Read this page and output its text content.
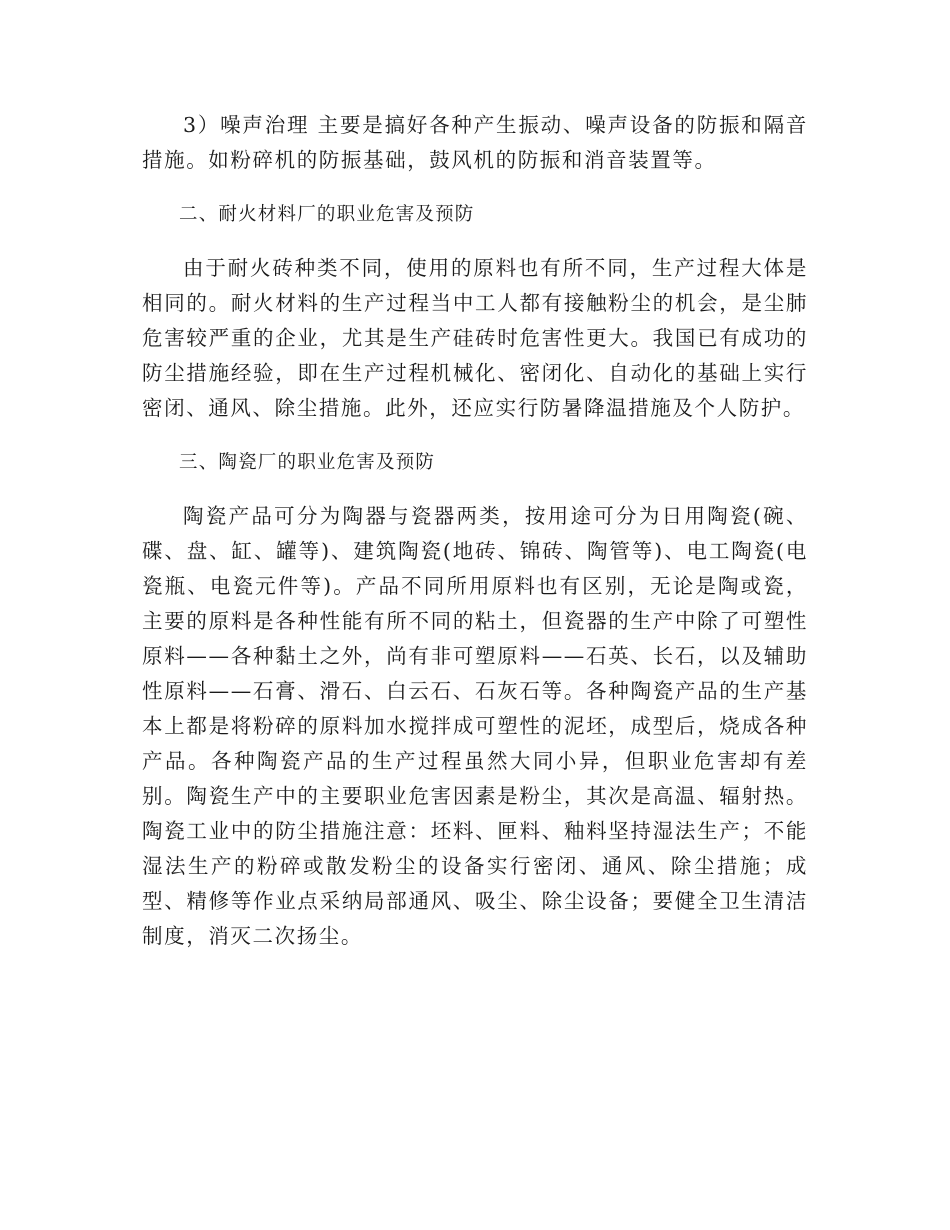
3）噪声治理 主要是搞好各种产生振动、噪声设备的防振和隔音措施。如粉碎机的防振基础，鼓风机的防振和消音装置等。

二、耐火材料厂的职业危害及预防

由于耐火砖种类不同，使用的原料也有所不同，生产过程大体是相同的。耐火材料的生产过程当中工人都有接触粉尘的机会，是尘肺危害较严重的企业，尤其是生产硅砖时危害性更大。我国已有成功的防尘措施经验，即在生产过程机械化、密闭化、自动化的基础上实行密闭、通风、除尘措施。此外，还应实行防暑降温措施及个人防护。

三、陶瓷厂的职业危害及预防

陶瓷产品可分为陶器与瓷器两类，按用途可分为日用陶瓷(碗、碟、盘、缸、罐等)、建筑陶瓷(地砖、锦砖、陶管等)、电工陶瓷(电瓷瓶、电瓷元件等)。产品不同所用原料也有区别，无论是陶或瓷，主要的原料是各种性能有所不同的粘土，但瓷器的生产中除了可塑性原料——各种黏土之外，尚有非可塑原料——石英、长石，以及辅助性原料——石膏、滑石、白云石、石灰石等。各种陶瓷产品的生产基本上都是将粉碎的原料加水搅拌成可塑性的泥坯，成型后，烧成各种产品。各种陶瓷产品的生产过程虽然大同小异，但职业危害却有差别。陶瓷生产中的主要职业危害因素是粉尘，其次是高温、辐射热。陶瓷工业中的防尘措施注意：坯料、匣料、釉料坚持湿法生产；不能湿法生产的粉碎或散发粉尘的设备实行密闭、通风、除尘措施；成型、精修等作业点采纳局部通风、吸尘、除尘设备；要健全卫生清洁制度，消灭二次扬尘。
